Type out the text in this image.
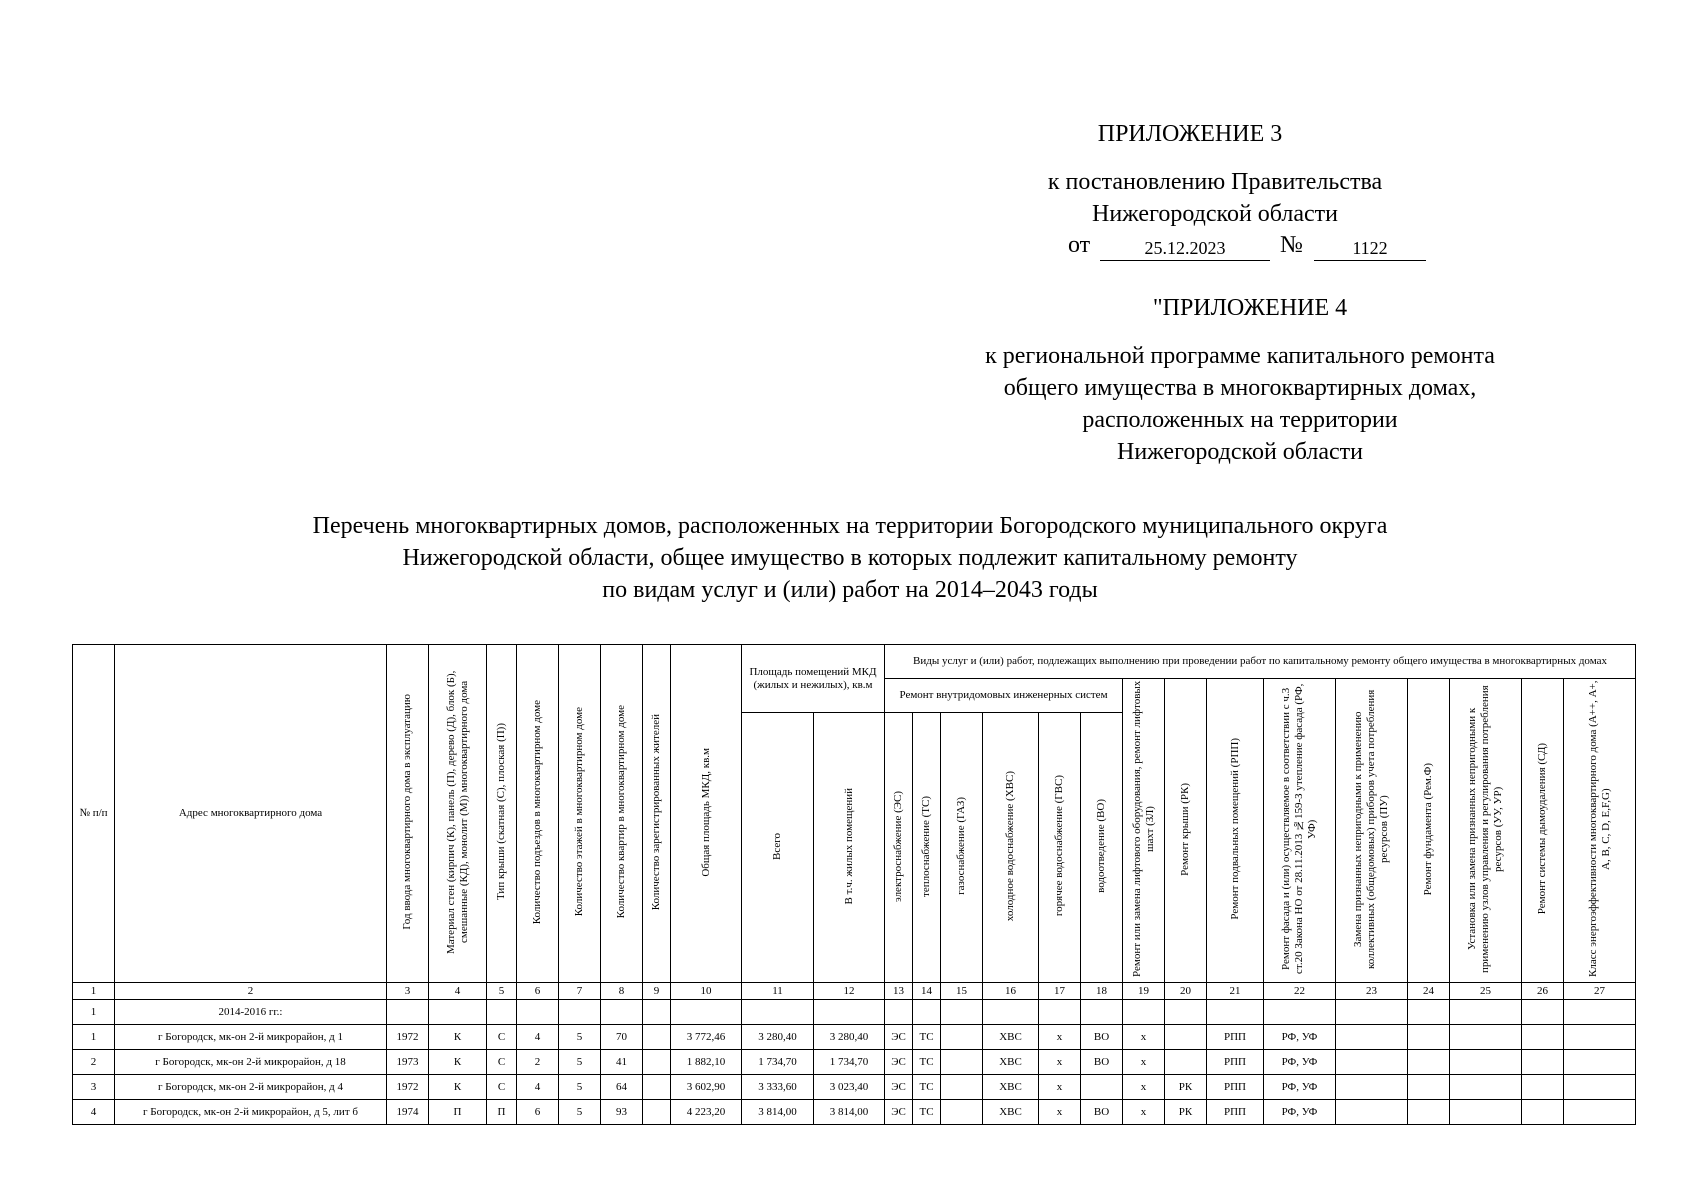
ПРИЛОЖЕНИЕ 3
к постановлению Правительства
Нижегородской области
от	25.12.2023	№	1122
"ПРИЛОЖЕНИЕ 4
к региональной программе капитального ремонта
общего имущества в многоквартирных домах,
расположенных на территории
Нижегородской области
Перечень многоквартирных домов, расположенных на территории Богородского муниципального округа
Нижегородской области, общее имущество в которых подлежит капитальному ремонту
по видам услуг и (или) работ на 2014–2043 годы
№ п/п	Адрес многоквартирного дома	Год ввода многоквартирного дома в эксплуатацию	Материал стен (кирпич (К), панель (П), дерево (Д), блок (Б), смешанные (КД), монолит (М)) многоквартирного дома	Тип крыши (скатная (С), плоская (П))	Количество подъездов в многоквартирном доме	Количество этажей в многоквартирном доме	Количество квартир в многоквартирном доме	Количество зарегистрированных жителей	Общая площадь МКД, кв.м	Площадь помещений МКД (жилых и нежилых), кв.м		Виды услуг и (или) работ, подлежащих выполнению при проведении работ по капитальному ремонту общего имущества в многоквартирных домах														
												Ремонт внутридомовых инженерных систем						Ремонт или замена лифтового оборудования, ремонт лифтовых шахт (ЗЛ)	Ремонт крыши (РК)	Ремонт подвальных помещений (РПП)	Ремонт фасада и (или) осуществляемое в соответствии с ч.3 ст.20 Закона НО от 28.11.2013 №159-З утепление фасада (РФ, УФ)	Замена признанных непригодными к применению коллективных (общедомовых) приборов учета потребления ресурсов (ПУ)	Ремонт фундамента (Рем.Ф)	Установка или замена признанных непригодными к применению узлов управления и регулирования потребления ресурсов (УУ, УР)	Ремонт системы дымоудаления (СД)	Класс энергоэффективности многоквартирного дома (А++, А+, А, B, C, D, E,F,G)
										Всего	В т.ч. жилых помещений	электроснабжение (ЭС)	теплоснабжение (ТС)	газоснабжение (ГАЗ)	холодное водоснабжение (ХВС)	горячее водоснабжение (ГВС)	водоотведение (ВО)									

1	2	3	4	5	6	7	8	9	10	11	12	13	14	15	16	17	18	19	20	21	22	23	24	25	26	27
1	2014-2016 гг.:																									
1	г Богородск, мк-он 2-й микрорайон, д 1	1972	К	С	4	5	70		3 772,46	3 280,40	3 280,40	ЭС	ТС		ХВС	х	ВО	х		РПП	РФ, УФ					
2	г Богородск, мк-он 2-й микрорайон, д 18	1973	К	С	2	5	41		1 882,10	1 734,70	1 734,70	ЭС	ТС		ХВС	х	ВО	х		РПП	РФ, УФ					
3	г Богородск, мк-он 2-й микрорайон, д 4	1972	К	С	4	5	64		3 602,90	3 333,60	3 023,40	ЭС	ТС		ХВС	х		х	РК	РПП	РФ, УФ					
4	г Богородск, мк-он 2-й микрорайон, д 5, лит б	1974	П	П	6	5	93		4 223,20	3 814,00	3 814,00	ЭС	ТС		ХВС	х	ВО	х	РК	РПП	РФ, УФ					
